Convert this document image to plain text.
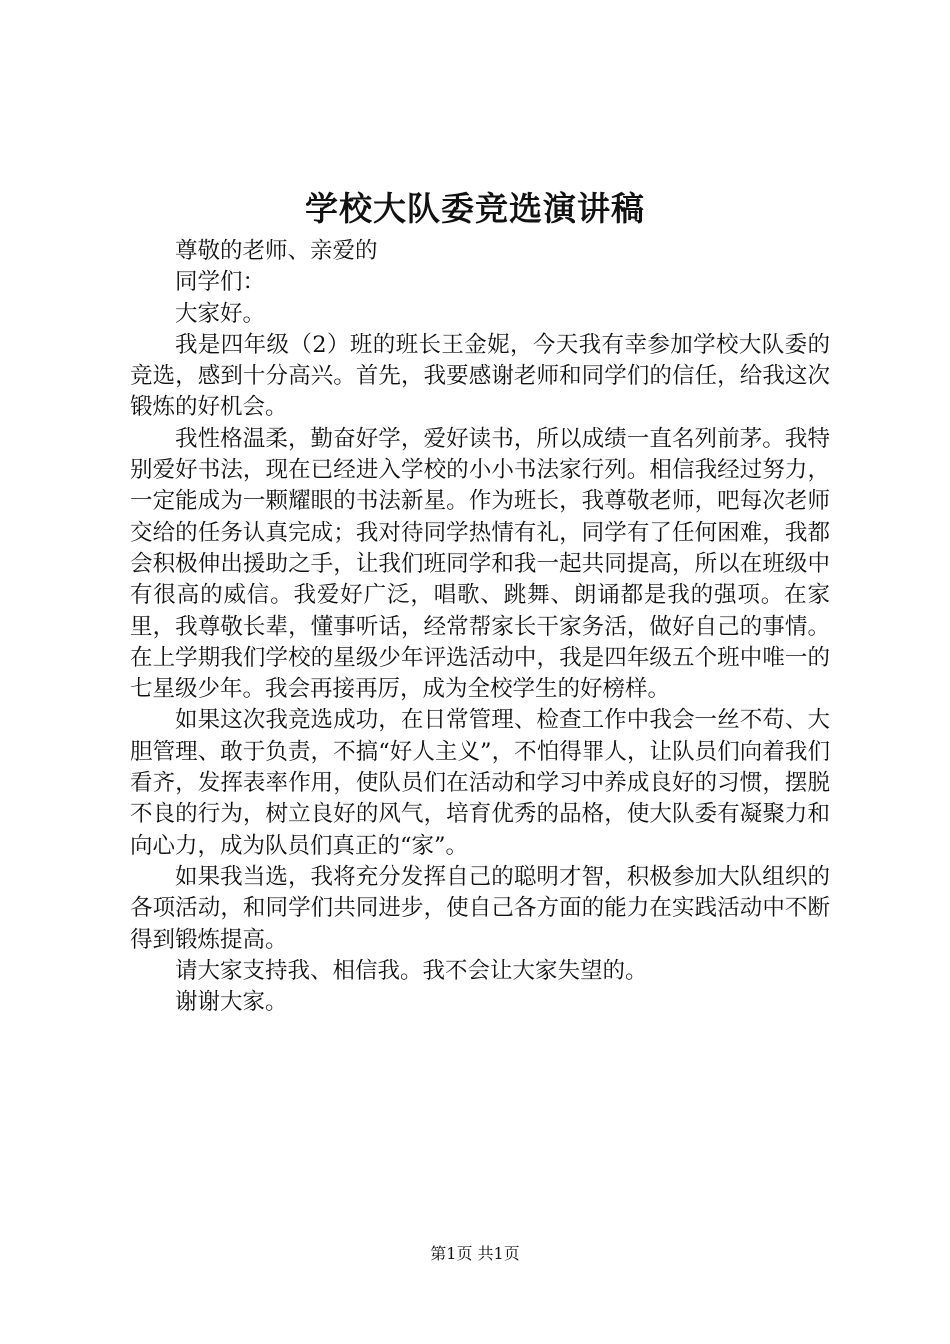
学校大队委竞选演讲稿

尊敬的老师、亲爱的

同学们：

大家好。

我是四年级（2）班的班长王金妮，今天我有幸参加学校大队委的竞选，感到十分高兴。首先，我要感谢老师和同学们的信任，给我这次锻炼的好机会。

我性格温柔，勤奋好学，爱好读书，所以成绩一直名列前茅。我特别爱好书法，现在已经进入学校的小小书法家行列。相信我经过努力，一定能成为一颗耀眼的书法新星。作为班长，我尊敬老师，吧每次老师交给的任务认真完成；我对待同学热情有礼，同学有了任何困难，我都会积极伸出援助之手，让我们班同学和我一起共同提高，所以在班级中有很高的威信。我爱好广泛，唱歌、跳舞、朗诵都是我的强项。在家里，我尊敬长辈，懂事听话，经常帮家长干家务活，做好自己的事情。在上学期我们学校的星级少年评选活动中，我是四年级五个班中唯一的七星级少年。我会再接再厉，成为全校学生的好榜样。

如果这次我竞选成功，在日常管理、检查工作中我会一丝不苟、大胆管理、敢于负责，不搞“好人主义”，不怕得罪人，让队员们向着我们看齐，发挥表率作用，使队员们在活动和学习中养成良好的习惯，摆脱不良的行为，树立良好的风气，培育优秀的品格，使大队委有凝聚力和向心力，成为队员们真正的“家”。

如果我当选，我将充分发挥自己的聪明才智，积极参加大队组织的各项活动，和同学们共同进步，使自己各方面的能力在实践活动中不断得到锻炼提高。

请大家支持我、相信我。我不会让大家失望的。

谢谢大家。

第1页 共1页
